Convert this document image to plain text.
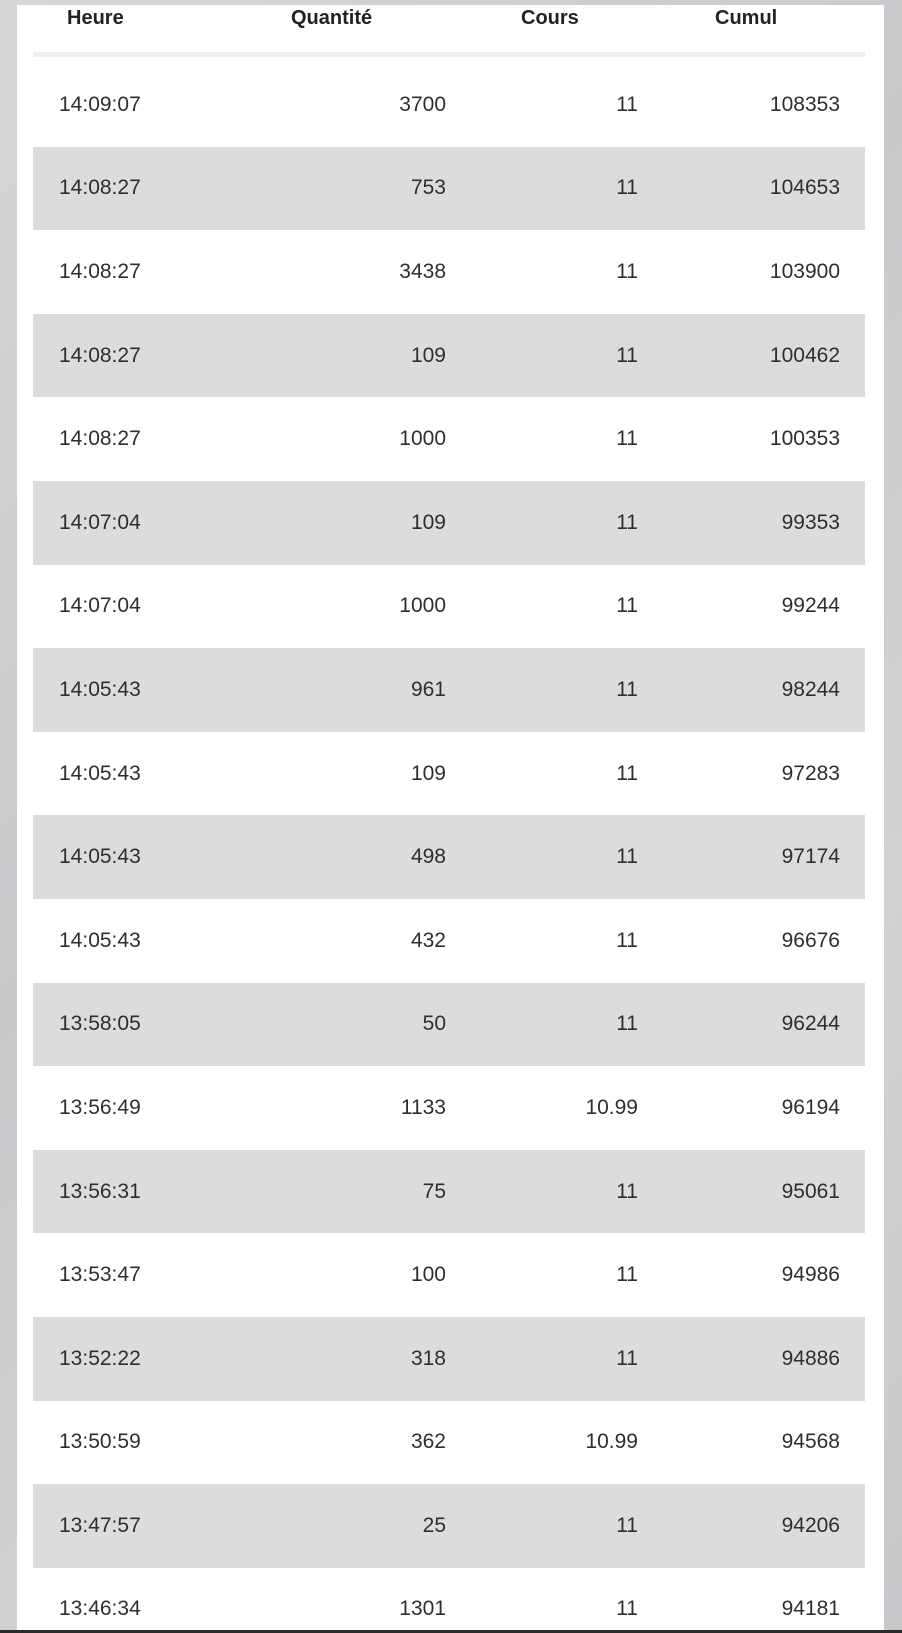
Heure	Quantité	Cours	Cumul
14:09:07	3700	11	108353
14:08:27	753	11	104653
14:08:27	3438	11	103900
14:08:27	109	11	100462
14:08:27	1000	11	100353
14:07:04	109	11	99353
14:07:04	1000	11	99244
14:05:43	961	11	98244
14:05:43	109	11	97283
14:05:43	498	11	97174
14:05:43	432	11	96676
13:58:05	50	11	96244
13:56:49	1133	10.99	96194
13:56:31	75	11	95061
13:53:47	100	11	94986
13:52:22	318	11	94886
13:50:59	362	10.99	94568
13:47:57	25	11	94206
13:46:34	1301	11	94181
